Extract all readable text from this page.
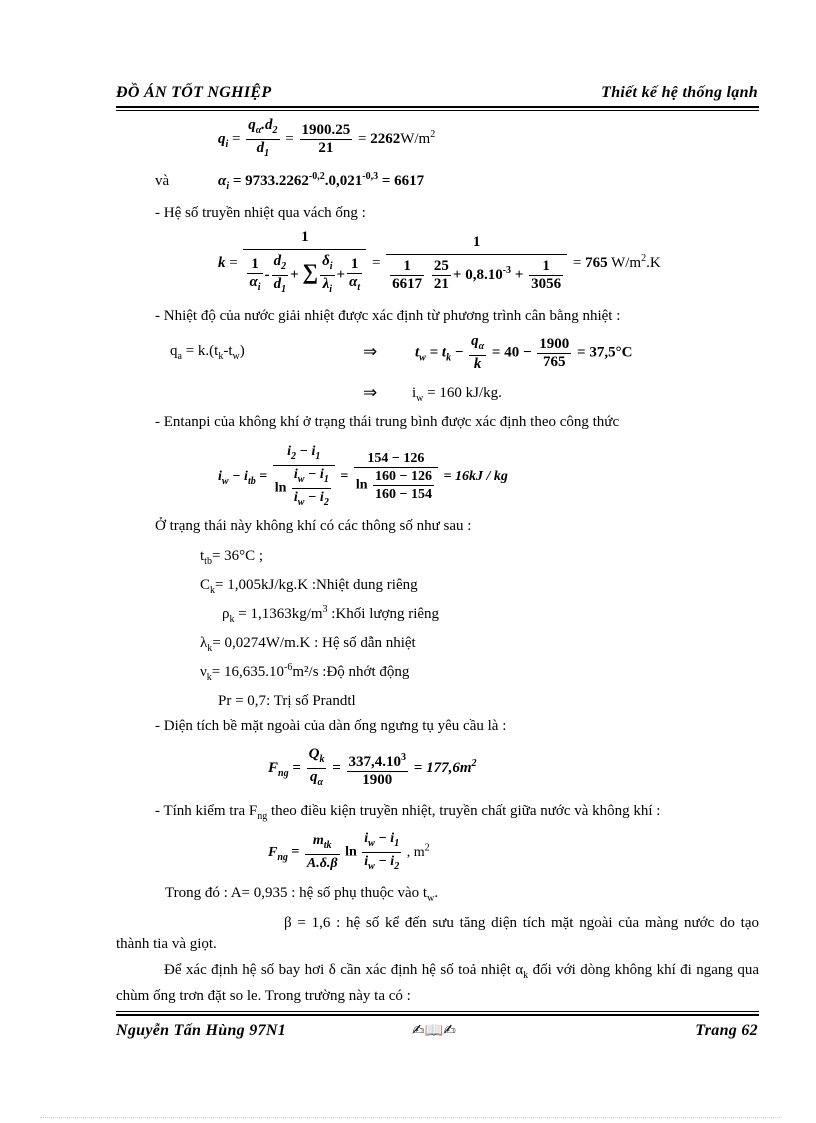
ĐỒ ÁN TỐT NGHIỆP	Thiết kế hệ thống lạnh
$q_i = \frac{q_\alpha.d_2}{d_1} = \frac{1900.25}{21} = 2262W/m^2$
và	$\alpha_i = 9733.2262^{-0,2}.0,021^{-0,3} = 6617$
- Hệ số truyền nhiệt qua vách ống :
$k = \frac{1}{\frac{1}{\alpha_i} - \frac{d_2}{d_1} + \sum \frac{\delta_i}{\lambda_i} + \frac{1}{\alpha_t}} = 1$
$\frac{1}{6617}$
$\frac{25}{21} + 0,8.10^{-3} + \frac{1}{3056} = 765$ $W/m^2.K$
- Nhiệt độ của nước giải nhiệt được xác định từ phương trình cân bằng nhiệt :
$q_a = k.(t_k-t_w)$	⇒	$t_w = t_k - \frac{q_\alpha}{k} = 40 - \frac{1900}{765} = 37,5^\circ C$
⇒ $i_w = 160$ kJ/kg.
- Entanpi của không khí ở trạng thái trung bình được xác định theo công thức
$i_w - i_{tb} = \frac{i_2 - i_1}{\ln \frac{i_w - i_1}{i_w - i_2}} = \frac{154 - 126}{\ln \frac{160 - 126}{160 - 154}} = 16kJ$ / kg
Ở trạng thái này không khí có các thông số như sau :
$t_{tb}= 36^\circ C$ ;
$C_k= 1,005kJ/kg.K$ :Nhiệt dung riêng
$\rho_k = 1,1363kg/m^3$ :Khối lượng riêng
$\lambda_k= 0,0274W/m.K$ : Hệ số dẫn nhiệt
$\nu_k= 16,635.10^{-6}m^2/s$ :Độ nhớt động
Pr = 0,7: Trị số Prandtl
- Diện tích bề mặt ngoài của dàn ống ngưng tụ yêu cầu là :
$F_{ng} = \frac{Q_k}{q_\alpha} = \frac{337,4.10^3}{1900} = 177,6m^2$
- Tính kiểm tra $F_{ng}$ theo điều kiện truyền nhiệt, truyền chất giữa nước và không khí :
$F_{ng} = \frac{m_{tk}}{A.\delta.\beta}$ $\ln \frac{i_w - i_1}{i_w - i_2}$ , $m^2$
Trong đó : A= 0,935 : hệ số phụ thuộc vào $t_w$.
β = 1,6 : hệ số kể đến sưu tăng diện tích mặt ngoài của màng nước do tạo thành tia và giọt.
Để xác định hệ số bay hơi δ cần xác định hệ số toả nhiệt $\alpha_k$ đối với dòng không khí đi ngang qua chùm ống trơn đặt so le. Trong trường này ta có :
Nguyễn Tấn Hùng 97N1	✍📖✍	Trang 62
